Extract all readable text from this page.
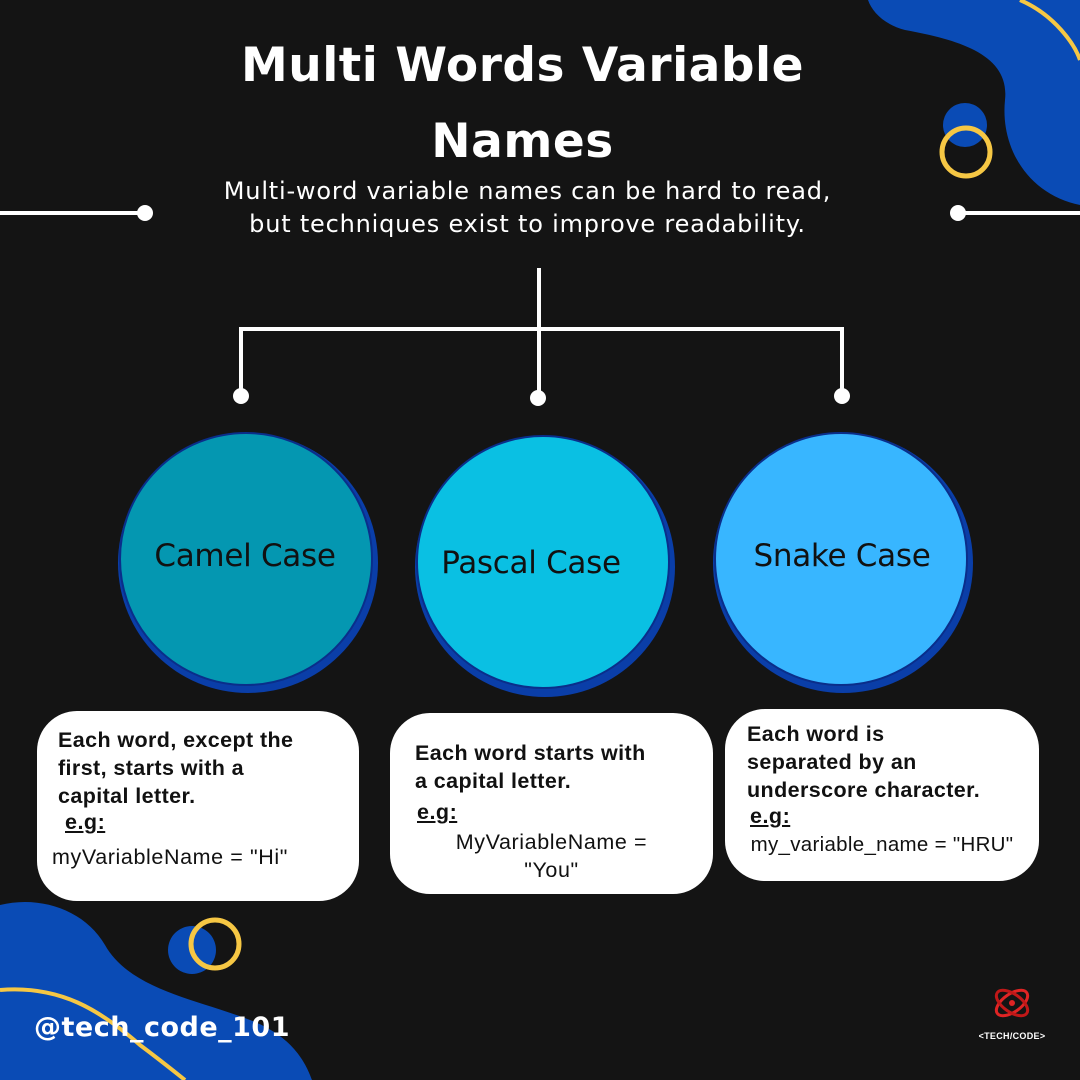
Multi Words Variable Names
Multi-word variable names can be hard to read,
but techniques exist to improve readability.
Camel Case	Pascal Case	Snake Case
Each word, except the
first, starts with a
capital letter.
e.g:
myVariableName = "Hi"
Each word starts with
a capital letter.
e.g:
MyVariableName =
"You"
Each word is
separated by an
underscore character.
e.g:
my_variable_name = "HRU"
@tech_code_101	<TECH/CODE>
